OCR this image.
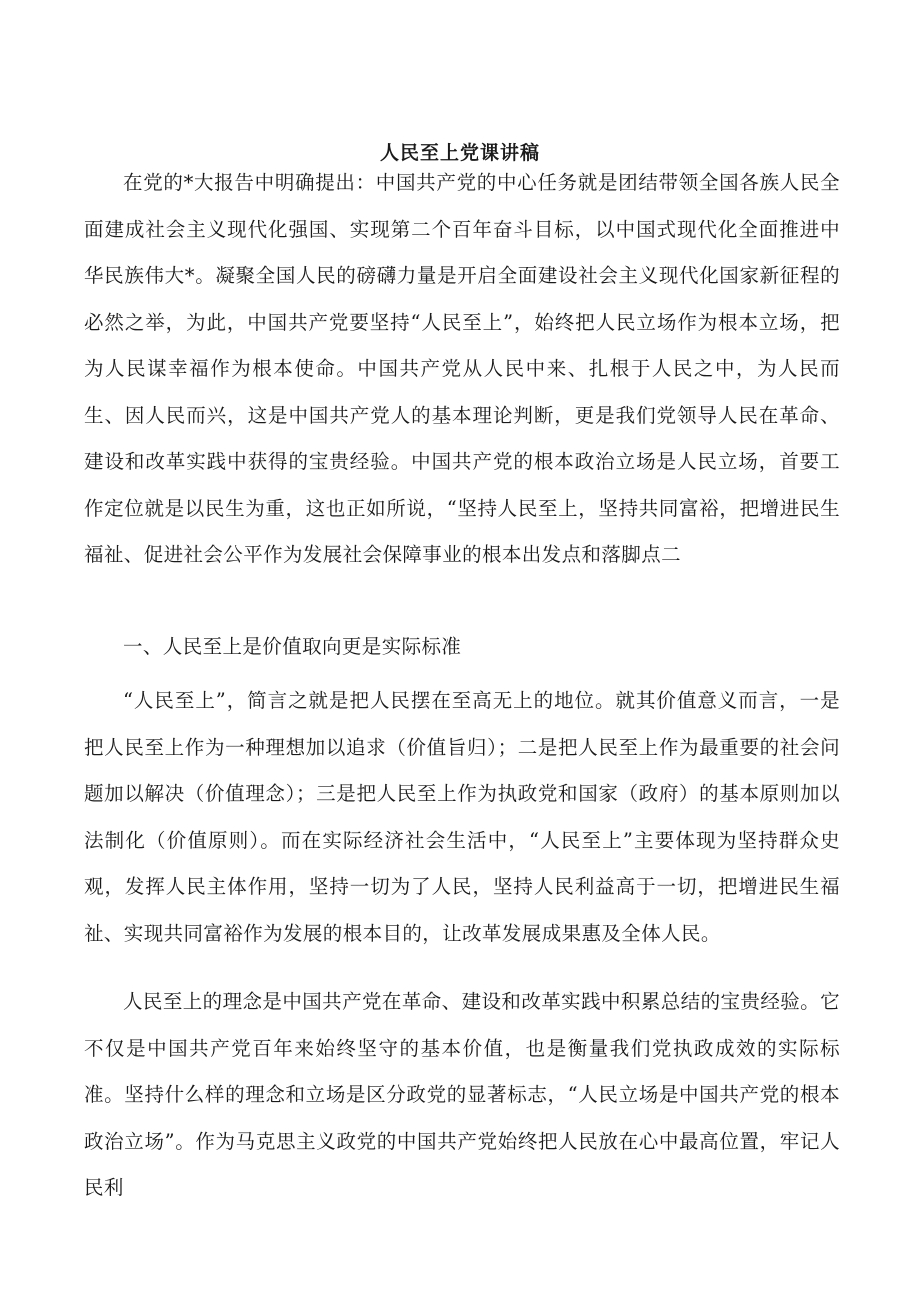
人民至上党课讲稿

在党的*大报告中明确提出：中国共产党的中心任务就是团结带领全国各族人民全面建成社会主义现代化强国、实现第二个百年奋斗目标，以中国式现代化全面推进中华民族伟大*。凝聚全国人民的磅礴力量是开启全面建设社会主义现代化国家新征程的必然之举，为此，中国共产党要坚持“人民至上”，始终把人民立场作为根本立场，把为人民谋幸福作为根本使命。中国共产党从人民中来、扎根于人民之中，为人民而生、因人民而兴，这是中国共产党人的基本理论判断，更是我们党领导人民在革命、建设和改革实践中获得的宝贵经验。中国共产党的根本政治立场是人民立场，首要工作定位就是以民生为重，这也正如所说，“坚持人民至上，坚持共同富裕，把增进民生福祉、促进社会公平作为发展社会保障事业的根本出发点和落脚点二

一、人民至上是价值取向更是实际标准

“人民至上”，简言之就是把人民摆在至高无上的地位。就其价值意义而言，一是把人民至上作为一种理想加以追求（价值旨归）；二是把人民至上作为最重要的社会问题加以解决（价值理念）；三是把人民至上作为执政党和国家（政府）的基本原则加以法制化（价值原则）。而在实际经济社会生活中，“人民至上”主要体现为坚持群众史观，发挥人民主体作用，坚持一切为了人民，坚持人民利益高于一切，把增进民生福祉、实现共同富裕作为发展的根本目的，让改革发展成果惠及全体人民。

人民至上的理念是中国共产党在革命、建设和改革实践中积累总结的宝贵经验。它不仅是中国共产党百年来始终坚守的基本价值，也是衡量我们党执政成效的实际标准。坚持什么样的理念和立场是区分政党的显著标志，“人民立场是中国共产党的根本政治立场”。作为马克思主义政党的中国共产党始终把人民放在心中最高位置，牢记人民利
